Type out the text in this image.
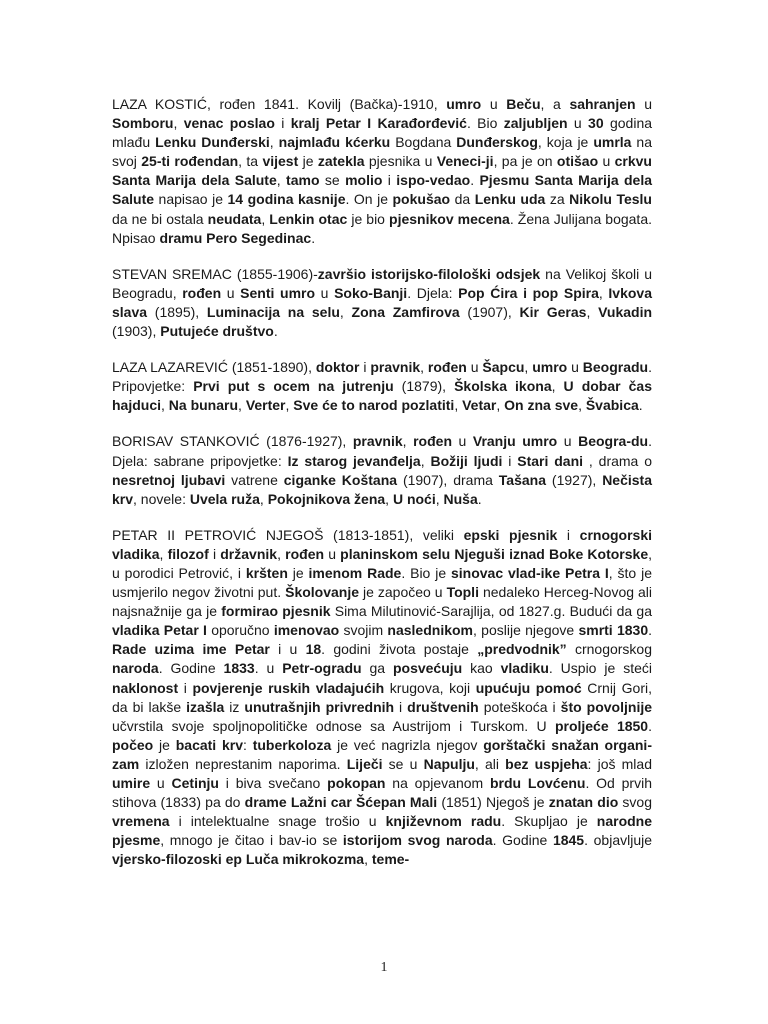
LAZA KOSTIĆ, rođen 1841. Kovilj (Bačka)-1910, umro u Beču, a sahranjen u Somboru, venac poslao i kralj Petar I Karađorđević. Bio zaljubljen u 30 godina mlađu Lenku Dunđerski, najmlađu kćerku Bogdana Dunđerskog, koja je umrla na svoj 25-ti rođendan, ta vijest je zatekla pjesnika u Veneci-ji, pa je on otišao u crkvu Santa Marija dela Salute, tamo se molio i ispo-vedao. Pjesmu Santa Marija dela Salute napisao je 14 godina kasnije. On je pokušao da Lenku uda za Nikolu Teslu da ne bi ostala neudata, Lenkin otac je bio pjesnikov mecena. Žena Julijana bogata. Npisao dramu Pero Segedinac.

STEVAN SREMAC (1855-1906)-završio istorijsko-filološki odsjek na Velikoj školi u Beogradu, rođen u Senti umro u Soko-Banji. Djela: Pop Ćira i pop Spira, Ivkova slava (1895), Luminacija na selu, Zona Zamfirova (1907), Kir Geras, Vukadin (1903), Putujeće društvo.

LAZA LAZAREVIĆ (1851-1890), doktor i pravnik, rođen u Šapcu, umro u Beogradu. Pripovjetke: Prvi put s ocem na jutrenju (1879), Školska ikona, U dobar čas hajduci, Na bunaru, Verter, Sve će to narod pozlatiti, Vetar, On zna sve, Švabica.

BORISAV STANKOVIĆ (1876-1927), pravnik, rođen u Vranju umro u Beogra-du. Djela: sabrane pripovjetke: Iz starog jevanđelja, Božiji ljudi i Stari dani , drama o nesretnoj ljubavi vatrene ciganke Koštana (1907), drama Tašana (1927), Nečista krv, novele: Uvela ruža, Pokojnikova žena, U noći, Nuša.

PETAR II PETROVIĆ NJEGOŠ (1813-1851), veliki epski pjesnik i crnogorski vladika, filozof i državnik, rođen u planinskom selu Njeguši iznad Boke Kotorske, u porodici Petrović, i kršten je imenom Rade. Bio je sinovac vlad-ike Petra I, što je usmjerilo negov životni put. Školovanje je započeo u Topli nedaleko Herceg-Novog ali najsnažnije ga je formirao pjesnik Sima Milutinović-Sarajlija, od 1827.g. Budući da ga vladika Petar I oporučno imenovao svojim naslednikom, poslije njegove smrti 1830. Rade uzima ime Petar i u 18. godini života postaje „predvodnik” crnogorskog naroda. Godine 1833. u Petr-ogradu ga posvećuju kao vladiku. Uspio je steći naklonost i povjerenje ruskih vladajućih krugova, koji upućuju pomoć Crnij Gori, da bi lakše izašla iz unutrašnjih privrednih i društvenih poteškoća i što povoljnije učvrstila svoje spoljnopolitičke odnose sa Austrijom i Turskom. U proljeće 1850. počeo je bacati krv: tuberkoloza je već nagrizla njegov gorštački snažan organi-zam izložen neprestanim naporima. Liječi se u Napulju, ali bez uspjeha: još mlad umire u Cetinju i biva svečano pokopan na opjevanom brdu Lovćenu. Od prvih stihova (1833) pa do drame Lažni car Šćepan Mali (1851) Njegoš je znatan dio svog vremena i intelektualne snage trošio u književnom radu. Skupljao je narodne pjesme, mnogo je čitao i bav-io se istorijom svog naroda. Godine 1845. objavljuje vjersko-filozoski ep Luča mikrokozma, teme-

1
